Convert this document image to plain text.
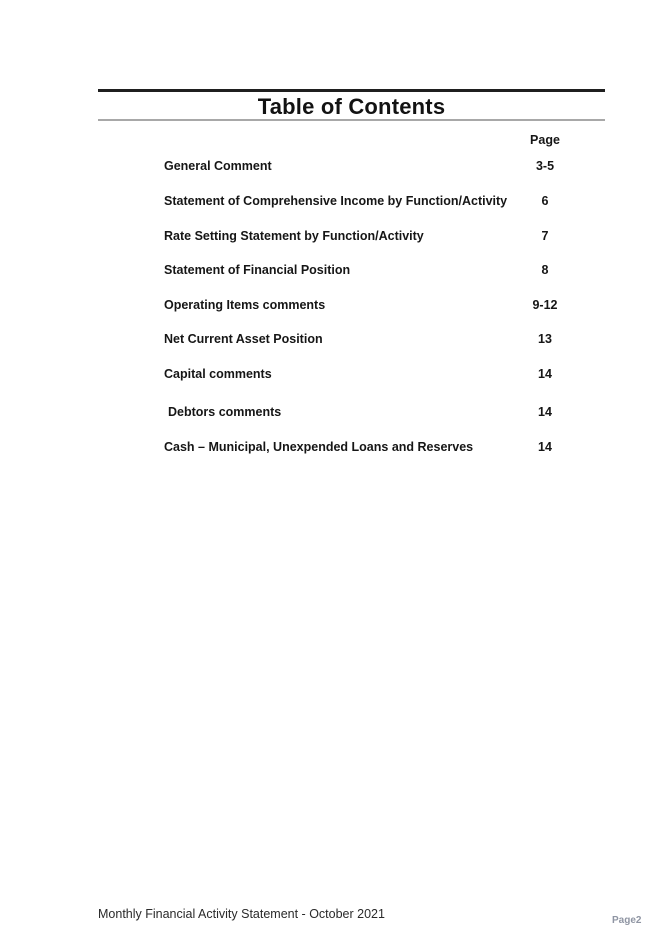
Table of Contents
Page
General Comment	3-5
Statement of Comprehensive Income by Function/Activity	6
Rate Setting Statement by Function/Activity	7
Statement of Financial Position	8
Operating Items comments	9-12
Net Current Asset Position	13
Capital comments	14
Debtors comments	14
Cash – Municipal, Unexpended Loans and Reserves	14
Monthly Financial Activity Statement - October 2021	Page2
